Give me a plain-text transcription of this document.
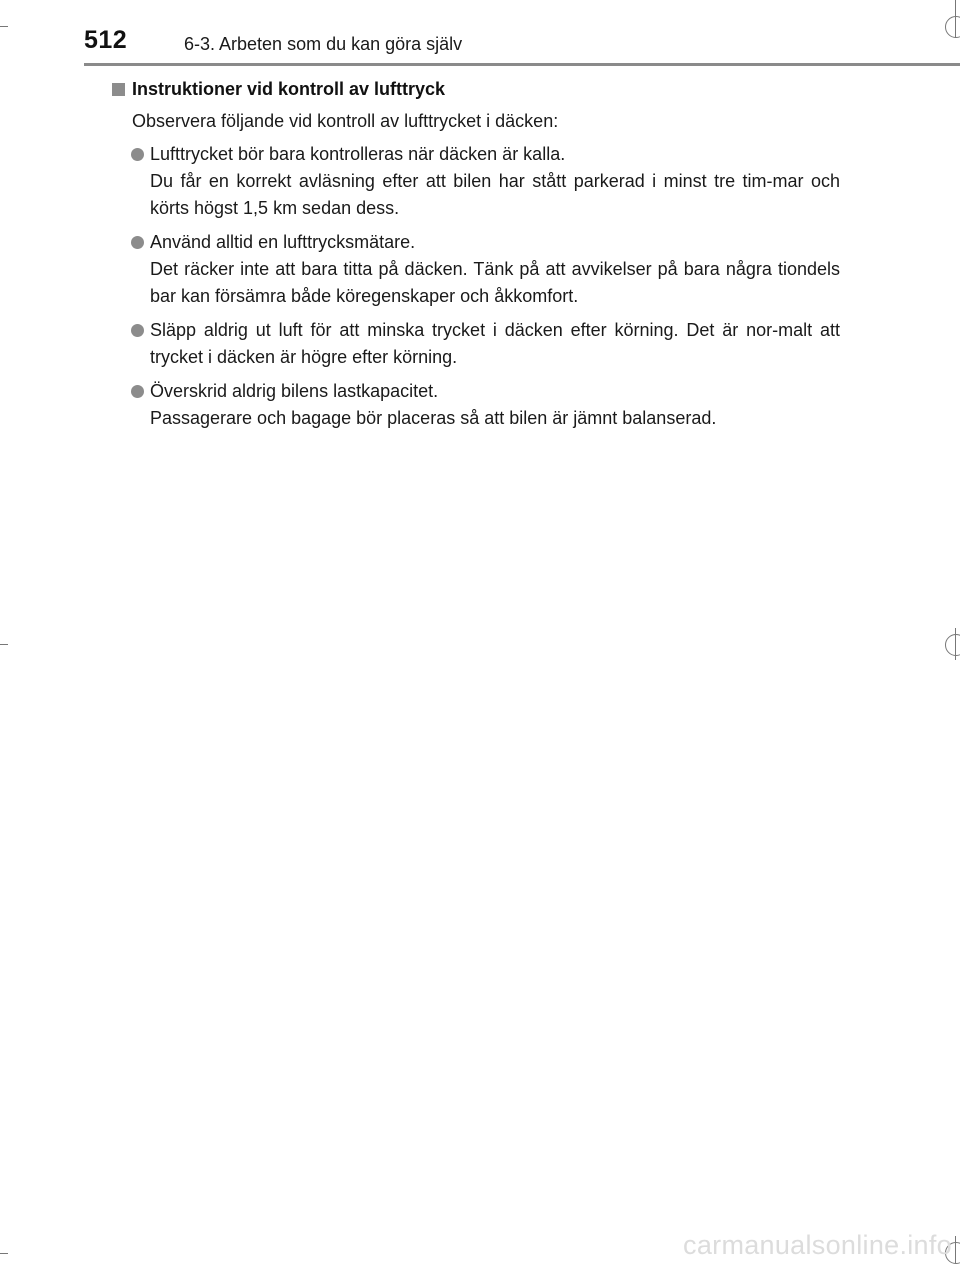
512	6-3. Arbeten som du kan göra själv
Instruktioner vid kontroll av lufttryck
Observera följande vid kontroll av lufttrycket i däcken:

Lufttrycket bör bara kontrolleras när däcken är kalla.

Du får en korrekt avläsning efter att bilen har stått parkerad i minst tre tim-mar och körts högst 1,5 km sedan dess.

Använd alltid en lufttrycksmätare.

Det räcker inte att bara titta på däcken. Tänk på att avvikelser på bara några tiondels bar kan försämra både köregenskaper och åkkomfort.

Släpp aldrig ut luft för att minska trycket i däcken efter körning. Det är nor-malt att trycket i däcken är högre efter körning.

Överskrid aldrig bilens lastkapacitet.

Passagerare och bagage bör placeras så att bilen är jämnt balanserad.

carmanualsonline.info
